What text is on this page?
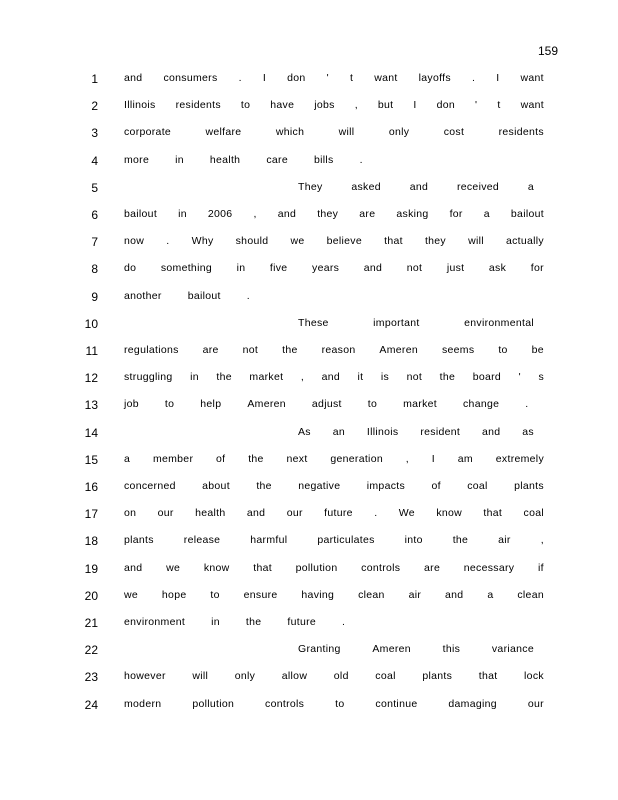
159
1 and consumers . I don ' t want layoffs . I want
2 Illinois residents to have jobs , but I don ' t want
3 corporate	welfare	which	will	only	cost	residents
4 more in health care bills .
5	They	asked	and	received	a
6 bailout in 2006 , and they are asking for a bailout
7 now . Why should we believe that they will actually
8 do something in five years and not just ask for
9 another bailout .
10	These	important	environmental
11 regulations are not the reason Ameren seems to be
12 struggling in the market , and it is not the board ' s
13 job to help Ameren adjust to market change .
14	As an Illinois resident and as
15 a member of the next generation , I am extremely
16 concerned	about	the	negative	impacts	of	coal	plants
17 on our health and our future . We know that coal
18 plants	release	harmful	particulates	into	the	air	,
19 and we know that pollution controls are necessary if
20 we hope to ensure having clean air and a clean
21 environment in the future .
22	Granting	Ameren	this	variance
23 however	will	only	allow	old	coal	plants	that	lock
24 modern	pollution	controls	to	continue	damaging	our
